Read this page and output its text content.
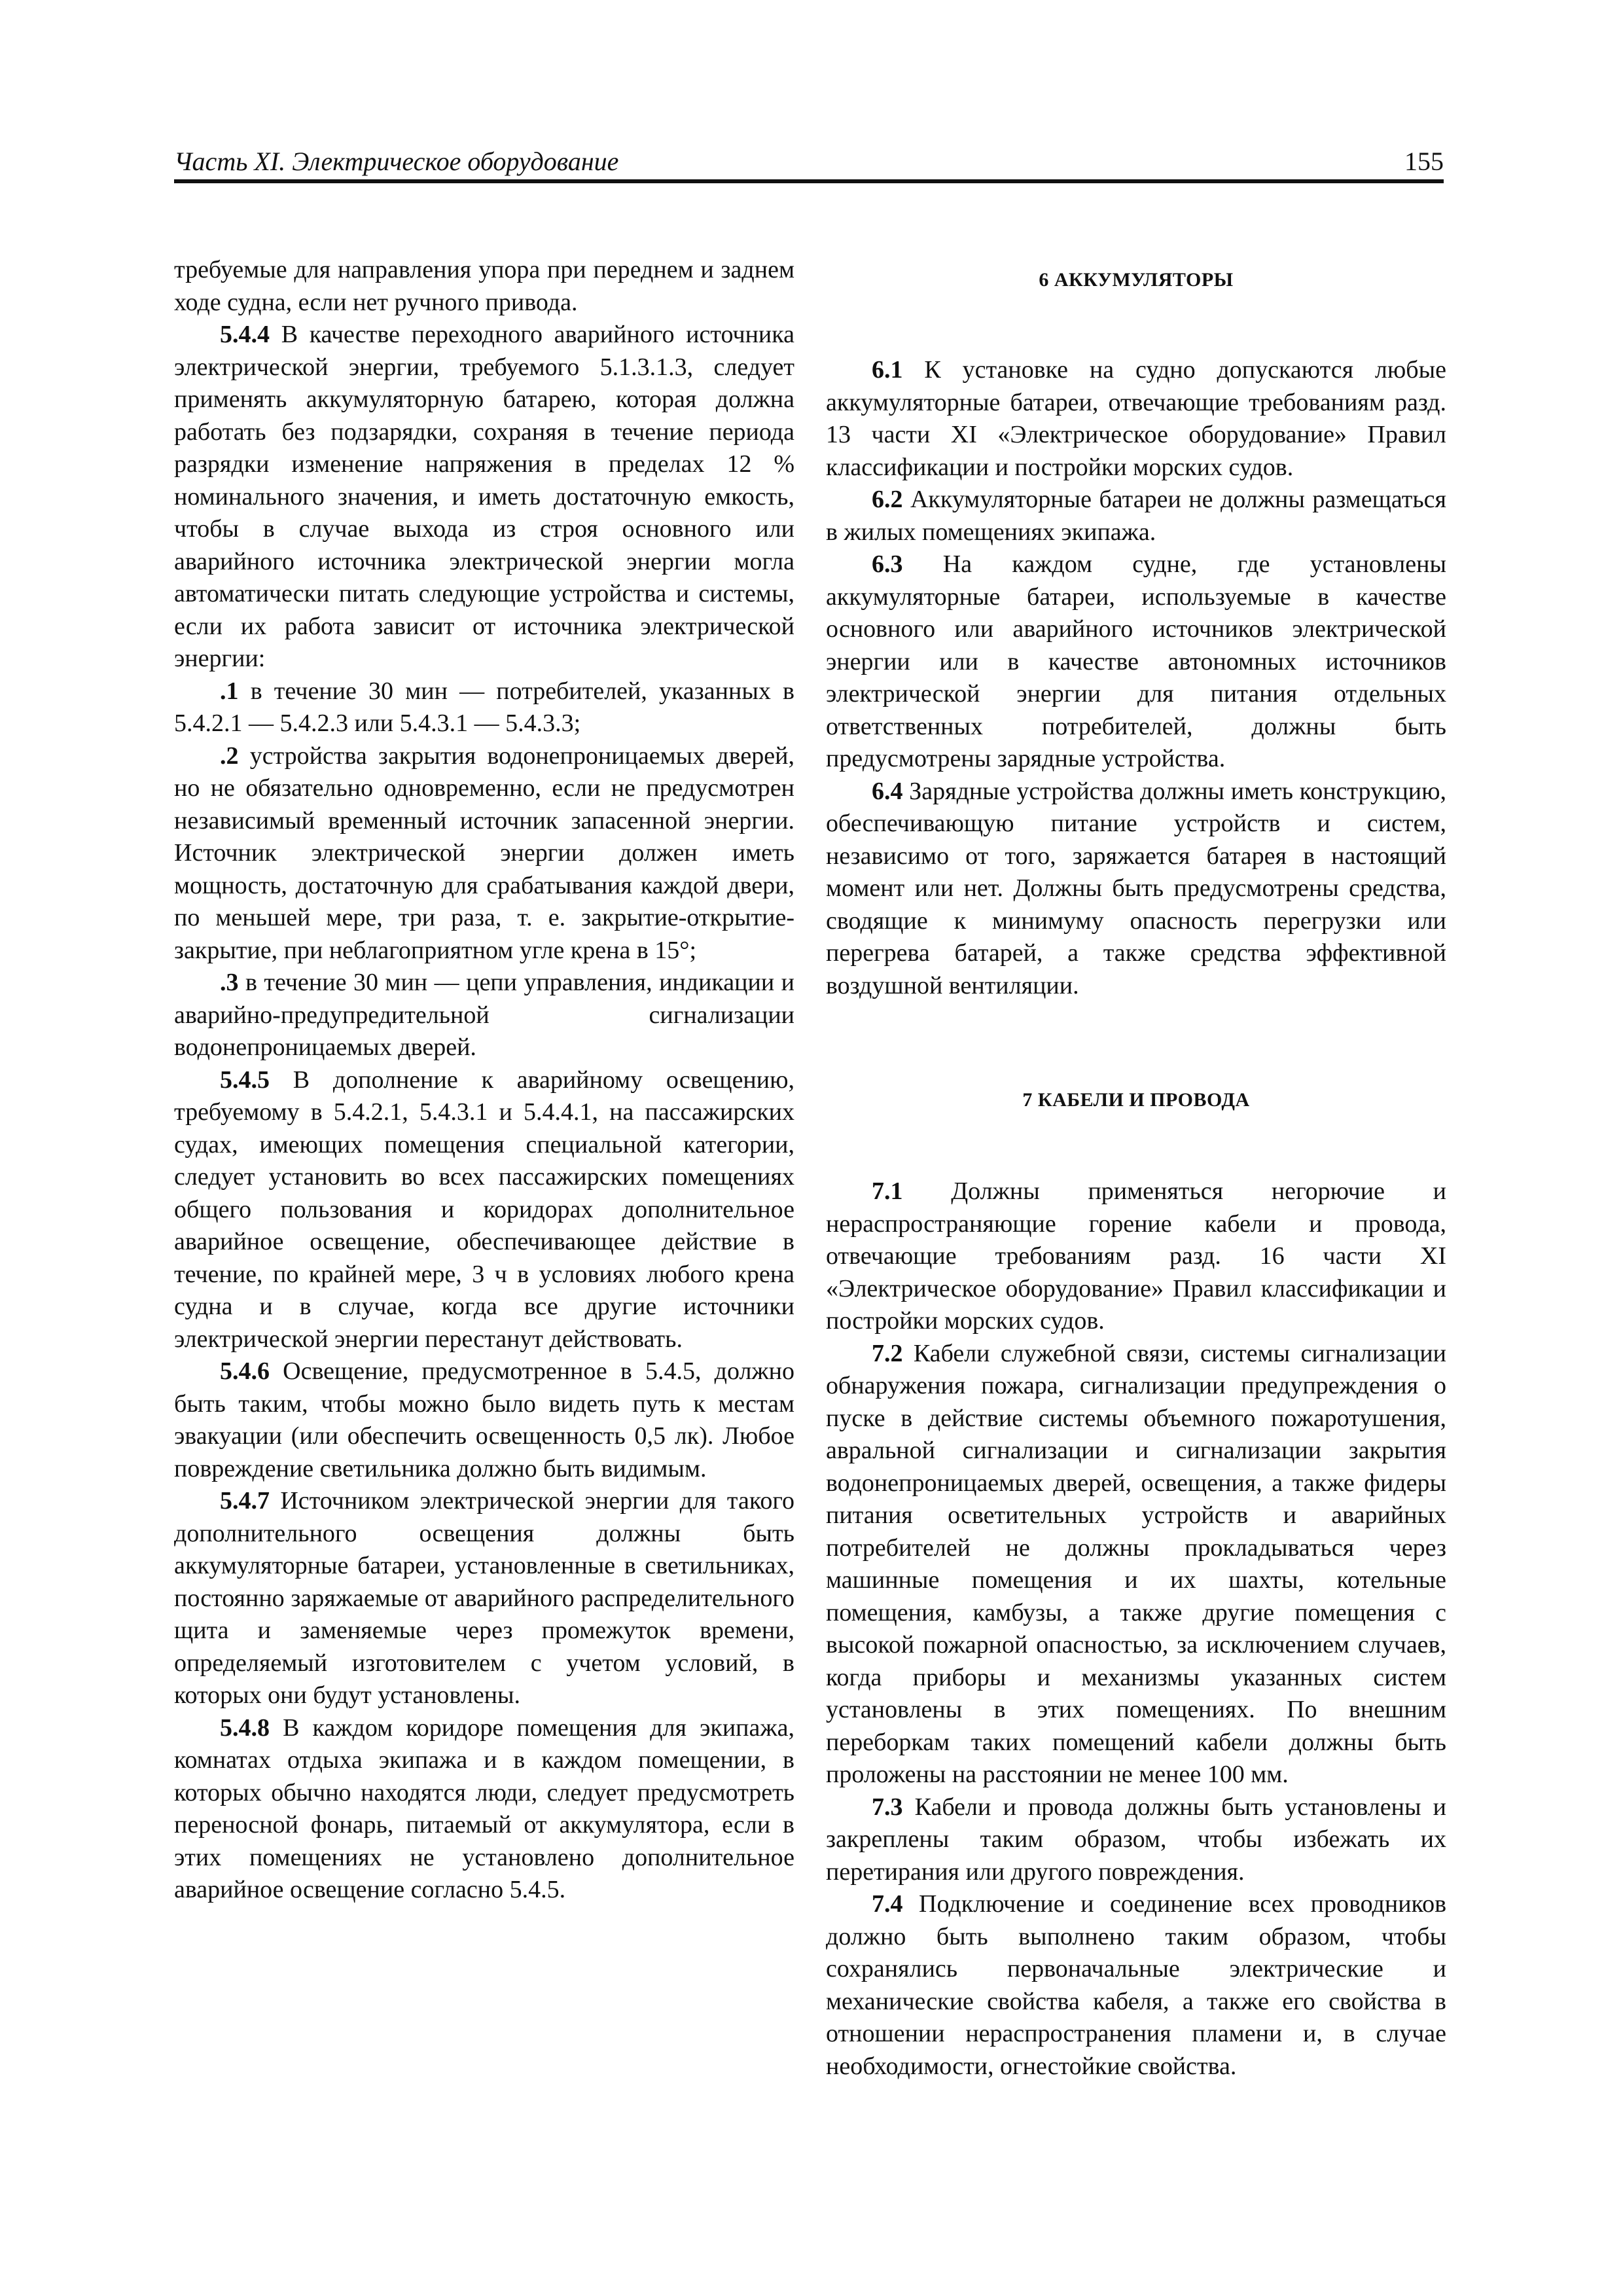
Часть XI. Электрическое оборудование	155

требуемые для направления упора при переднем и заднем ходе судна, если нет ручного привода.

5.4.4 В качестве переходного аварийного источника электрической энергии, требуемого 5.1.3.1.3, следует применять аккумуляторную батарею, которая должна работать без подзарядки, сохраняя в течение периода разрядки изменение напряжения в пределах 12 % номинального значения, и иметь достаточную емкость, чтобы в случае выхода из строя основного или аварийного источника электрической энергии могла автоматически питать следующие устройства и системы, если их работа зависит от источника электрической энергии:

.1 в течение 30 мин — потребителей, указанных в 5.4.2.1 — 5.4.2.3 или 5.4.3.1 — 5.4.3.3;

.2 устройства закрытия водонепроницаемых дверей, но не обязательно одновременно, если не предусмотрен независимый временный источник запасенной энергии. Источник электрической энергии должен иметь мощность, достаточную для срабатывания каждой двери, по меньшей мере, три раза, т. е. закрытие-открытие-закрытие, при неблагоприятном угле крена в 15°;

.3 в течение 30 мин — цепи управления, индикации и аварийно-предупредительной сигнализации водонепроницаемых дверей.

5.4.5 В дополнение к аварийному освещению, требуемому в 5.4.2.1, 5.4.3.1 и 5.4.4.1, на пассажирских судах, имеющих помещения специальной категории, следует установить во всех пассажирских помещениях общего пользования и коридорах дополнительное аварийное освещение, обеспечивающее действие в течение, по крайней мере, 3 ч в условиях любого крена судна и в случае, когда все другие источники электрической энергии перестанут действовать.

5.4.6 Освещение, предусмотренное в 5.4.5, должно быть таким, чтобы можно было видеть путь к местам эвакуации (или обеспечить освещенность 0,5 лк). Любое повреждение светильника должно быть видимым.

5.4.7 Источником электрической энергии для такого дополнительного освещения должны быть аккумуляторные батареи, установленные в светильниках, постоянно заряжаемые от аварийного распределительного щита и заменяемые через промежуток времени, определяемый изготовителем с учетом условий, в которых они будут установлены.

5.4.8 В каждом коридоре помещения для экипажа, комнатах отдыха экипажа и в каждом помещении, в которых обычно находятся люди, следует предусмотреть переносной фонарь, питаемый от аккумулятора, если в этих помещениях не установлено дополнительное аварийное освещение согласно 5.4.5.

6 АККУМУЛЯТОРЫ

6.1 К установке на судно допускаются любые аккумуляторные батареи, отвечающие требованиям разд. 13 части XI «Электрическое оборудование» Правил классификации и постройки морских судов.

6.2 Аккумуляторные батареи не должны размещаться в жилых помещениях экипажа.

6.3 На каждом судне, где установлены аккумуляторные батареи, используемые в качестве основного или аварийного источников электрической энергии или в качестве автономных источников электрической энергии для питания отдельных ответственных потребителей, должны быть предусмотрены зарядные устройства.

6.4 Зарядные устройства должны иметь конструкцию, обеспечивающую питание устройств и систем, независимо от того, заряжается батарея в настоящий момент или нет. Должны быть предусмотрены средства, сводящие к минимуму опасность перегрузки или перегрева батарей, а также средства эффективной воздушной вентиляции.

7 КАБЕЛИ И ПРОВОДА

7.1 Должны применяться негорючие и нераспространяющие горение кабели и провода, отвечающие требованиям разд. 16 части XI «Электрическое оборудование» Правил классификации и постройки морских судов.

7.2 Кабели служебной связи, системы сигнализации обнаружения пожара, сигнализации предупреждения о пуске в действие системы объемного пожаротушения, авральной сигнализации и сигнализации закрытия водонепроницаемых дверей, освещения, а также фидеры питания осветительных устройств и аварийных потребителей не должны прокладываться через машинные помещения и их шахты, котельные помещения, камбузы, а также другие помещения с высокой пожарной опасностью, за исключением случаев, когда приборы и механизмы указанных систем установлены в этих помещениях. По внешним переборкам таких помещений кабели должны быть проложены на расстоянии не менее 100 мм.

7.3 Кабели и провода должны быть установлены и закреплены таким образом, чтобы избежать их перетирания или другого повреждения.

7.4 Подключение и соединение всех проводников должно быть выполнено таким образом, чтобы сохранялись первоначальные электрические и механические свойства кабеля, а также его свойства в отношении нераспространения пламени и, в случае необходимости, огнестойкие свойства.
